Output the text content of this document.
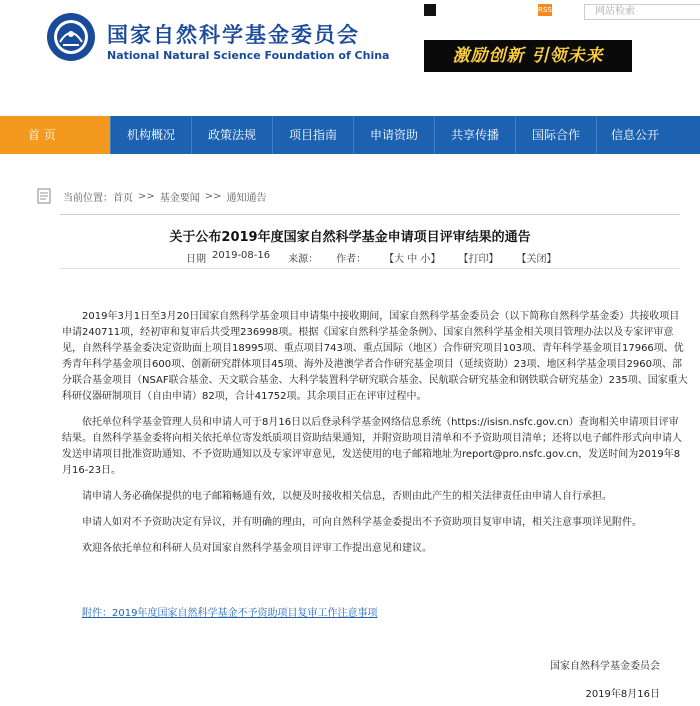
国家自然科学基金委员会
National Natural Science Foundation of China
RSS	网站检索
激励创新 引领未来
首 页	机构概况	政策法规	项目指南	申请资助	共享传播	国际合作	信息公开
当前位置： 首页 >> 基金要闻 >> 通知通告
关于公布2019年度国家自然科学基金申请项目评审结果的通告
日期 2019-08-16 来源： 作者： 【大 中 小】 【打印】 【关闭】

2019年3月1日至3月20日国家自然科学基金项目申请集中接收期间，国家自然科学基金委员会（以下简称自然科学基金委）共接收项目申请240711项，经初审和复审后共受理236998项。根据《国家自然科学基金条例》、国家自然科学基金相关项目管理办法以及专家评审意见，自然科学基金委决定资助面上项目18995项、重点项目743项、重点国际（地区）合作研究项目103项、青年科学基金项目17966项、优秀青年科学基金项目600项、创新研究群体项目45项、海外及港澳学者合作研究基金项目（延续资助）23项、地区科学基金项目2960项、部分联合基金项目（NSAF联合基金、天文联合基金、大科学装置科学研究联合基金、民航联合研究基金和钢铁联合研究基金）235项、国家重大科研仪器研制项目（自由申请）82项，合计41752项。其余项目正在评审过程中。

依托单位科学基金管理人员和申请人可于8月16日以后登录科学基金网络信息系统（https://isisn.nsfc.gov.cn）查询相关申请项目评审结果。自然科学基金委将向相关依托单位寄发纸质项目资助结果通知，并附资助项目清单和不予资助项目清单；还将以电子邮件形式向申请人发送申请项目批准资助通知、不予资助通知以及专家评审意见，发送使用的电子邮箱地址为report@pro.nsfc.gov.cn，发送时间为2019年8月16-23日。

请申请人务必确保提供的电子邮箱畅通有效，以便及时接收相关信息，否则由此产生的相关法律责任由申请人自行承担。

申请人如对不予资助决定有异议，并有明确的理由，可向自然科学基金委提出不予资助项目复审申请，相关注意事项详见附件。

欢迎各依托单位和科研人员对国家自然科学基金项目评审工作提出意见和建议。

附件：2019年度国家自然科学基金不予资助项目复审工作注意事项
国家自然科学基金委员会
2019年8月16日
